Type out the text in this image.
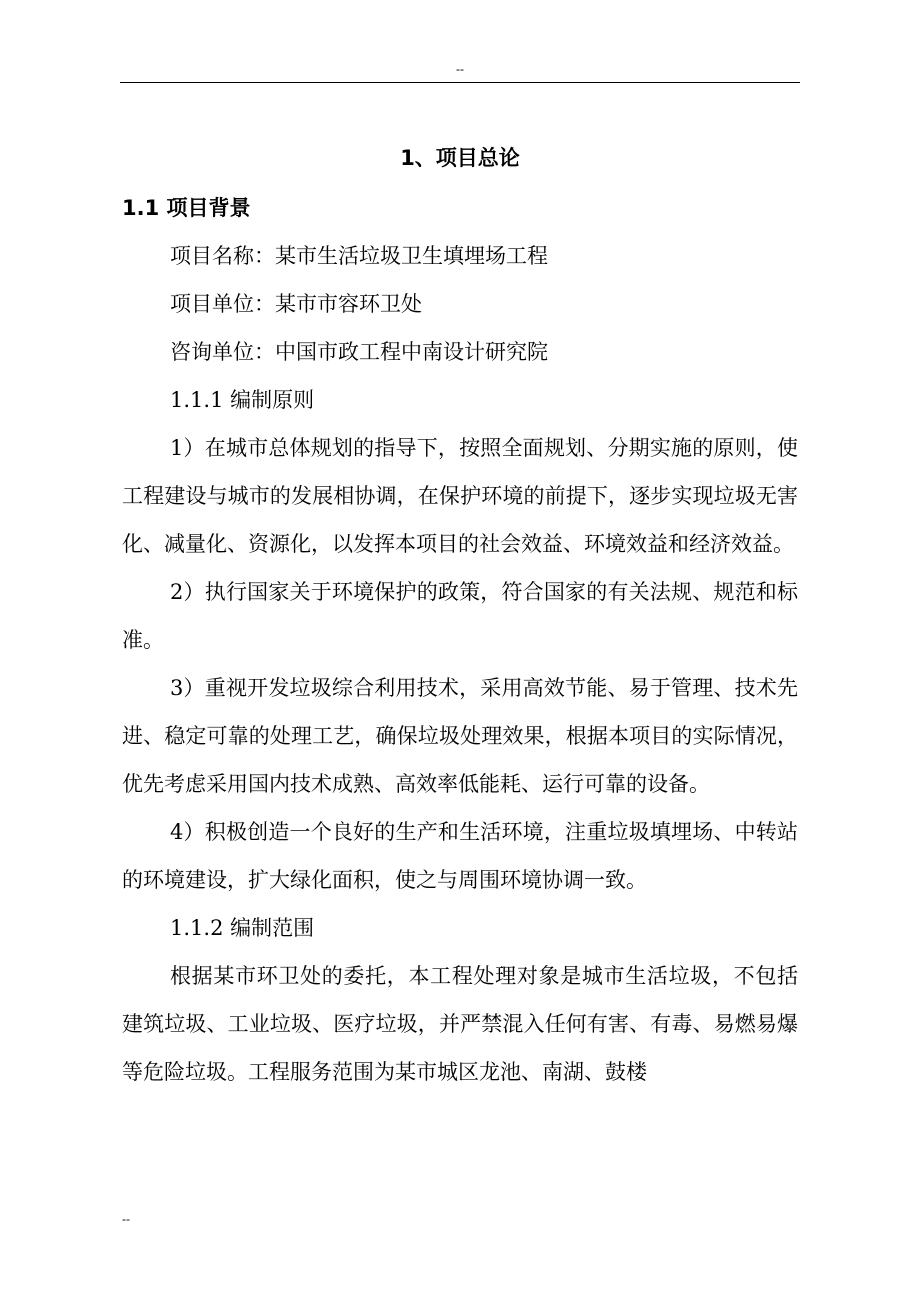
--
1、项目总论
1.1 项目背景

项目名称：某市生活垃圾卫生填埋场工程

项目单位：某市市容环卫处

咨询单位：中国市政工程中南设计研究院

1.1.1 编制原则

1）在城市总体规划的指导下，按照全面规划、分期实施的原则，使工程建设与城市的发展相协调，在保护环境的前提下，逐步实现垃圾无害化、减量化、资源化，以发挥本项目的社会效益、环境效益和经济效益。

2）执行国家关于环境保护的政策，符合国家的有关法规、规范和标准。

3）重视开发垃圾综合利用技术，采用高效节能、易于管理、技术先进、稳定可靠的处理工艺，确保垃圾处理效果，根据本项目的实际情况，优先考虑采用国内技术成熟、高效率低能耗、运行可靠的设备。

4）积极创造一个良好的生产和生活环境，注重垃圾填埋场、中转站的环境建设，扩大绿化面积，使之与周围环境协调一致。

1.1.2 编制范围

根据某市环卫处的委托，本工程处理对象是城市生活垃圾，不包括建筑垃圾、工业垃圾、医疗垃圾，并严禁混入任何有害、有毒、易燃易爆等危险垃圾。工程服务范围为某市城区龙池、南湖、鼓楼

--
